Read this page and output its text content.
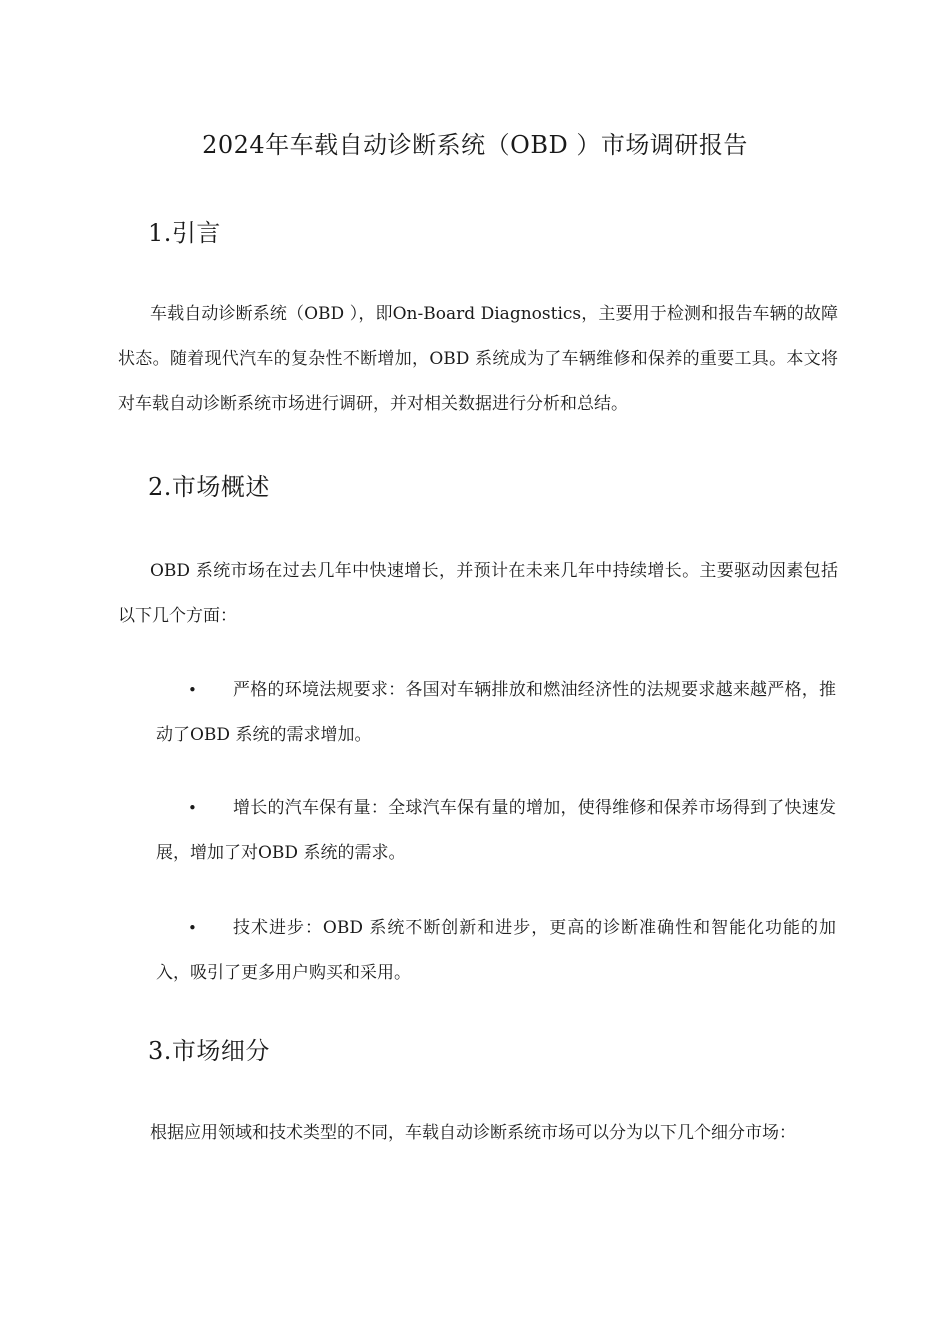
2024年车载自动诊断系统（OBD ）市场调研报告
1.引言

车载自动诊断系统（OBD ），即On-Board Diagnostics，主要用于检测和报告车辆的故障状态。随着现代汽车的复杂性不断增加，OBD 系统成为了车辆维修和保养的重要工具。本文将对车载自动诊断系统市场进行调研，并对相关数据进行分析和总结。

2.市场概述

OBD 系统市场在过去几年中快速增长，并预计在未来几年中持续增长。主要驱动因素包括以下几个方面：

•	严格的环境法规要求：各国对车辆排放和燃油经济性的法规要求越来越严格，推动了OBD 系统的需求增加。
•	增长的汽车保有量：全球汽车保有量的增加，使得维修和保养市场得到了快速发展，增加了对OBD 系统的需求。
•	技术进步：OBD 系统不断创新和进步，更高的诊断准确性和智能化功能的加入，吸引了更多用户购买和采用。
3.市场细分

根据应用领域和技术类型的不同，车载自动诊断系统市场可以分为以下几个细分市场：
